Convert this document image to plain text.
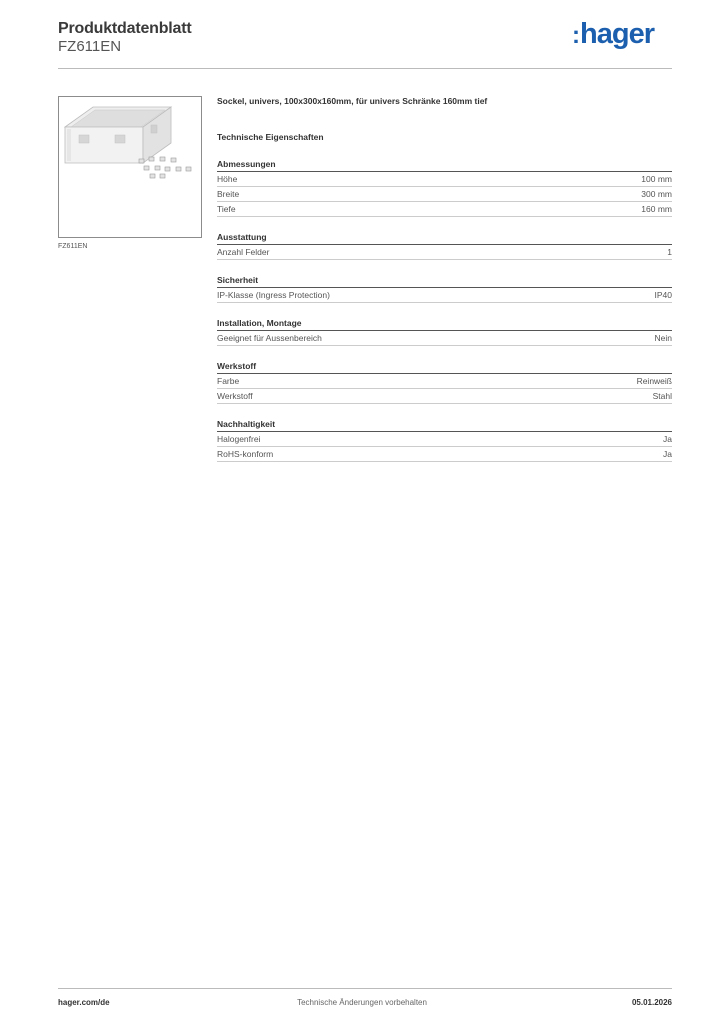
Produktdatenblatt
FZ611EN	:hager
FZ611EN
Sockel, univers, 100x300x160mm, für univers Schränke 160mm tief
Technische Eigenschaften
Abmessungen
Höhe	100 mm
Breite	300 mm
Tiefe	160 mm
Ausstattung
Anzahl Felder	1
Sicherheit
IP-Klasse (Ingress Protection)	IP40
Installation, Montage
Geeignet für Aussenbereich	Nein
Werkstoff
Farbe	Reinweiß
Werkstoff	Stahl
Nachhaltigkeit
Halogenfrei	Ja
RoHS-konform	Ja
hager.com/de	Technische Änderungen vorbehalten	05.01.2026
